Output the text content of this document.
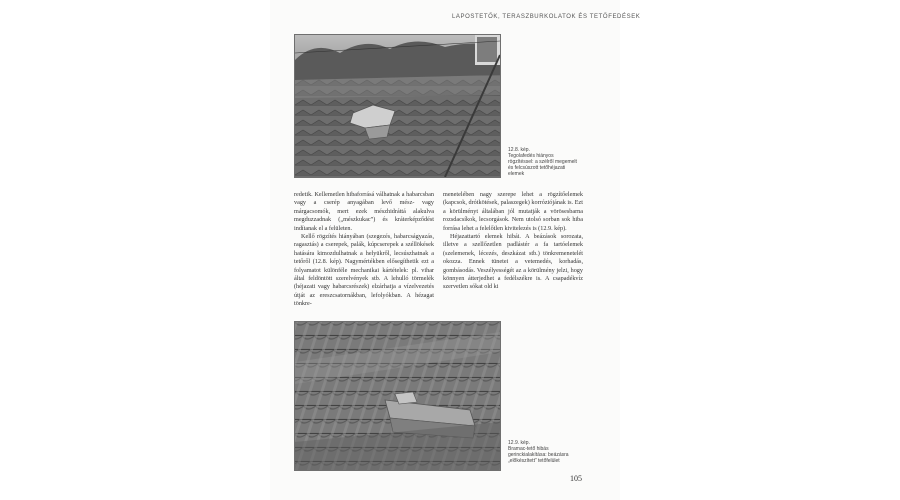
LAPOSTETŐK, TERASZBURKOLATOK ÉS TETŐFEDÉSEK
12.8. kép.
Tegolafedés hiányos rögzítéssel: a szélről megemelt és felcsúszott tetőhéjazati elemek

redetik. Kellemetlen hibaforrásá válhatnak a habarcsban vagy a cserép anyagában levő mész- vagy márgacsomók, mert ezek mészhidráttá alakulva megduzzadnak („mészkukac”) és kráterképződést indítanak el a felületen.

Kellő rögzítés hiányában (szegezés, habarcságyazás, ragasztás) a cserepek, palák, kúpcserepek a széllökések hatására kimozdulhatnak a helyükről, lecsúszhatnak a tetőről (12.8. kép). Nagymértékben elősegíthetik ezt a folyamatot különféle mechanikai kártételek: pl. vihar által feldöntött szerelvények stb. A lehulló törmelék (héjazati vagy habarcsrészek) elzárhatja a vízelvezetés útját az ereszcsatornákban, lefolyókban. A hézagat tönkre-

menetelében nagy szerepe lehet a rögzítőelemek (kapcsok, drótkötések, palaszegek) korróziójának is. Ezt a körülményt általában jól mutatják a vörösesbarna rozsdacsíkok, lecsorgások. Nem utolsó sorban sok hiba forrása lehet a felelőtlen kivitelezés is (12.9. kép).

Héjazattartó elemek hibái. A beázások sorozata, illetve a szellőzetlen padlástér a fa tartóelemek (szelemenek, lécezés, deszkázat stb.) tönkremenetelét okozza. Ennek tünetei a vetemedés, korhadás, gombásodás. Veszélyességét az a körülmény jelzi, hogy könnyen átterjedhet a fedélszékre is. A csapadékvíz szervetlen sókat old ki

12.9. kép.
Bramac-tető hibás gerinckialakítása: beázásra „előkészített” tetőfelület
105
